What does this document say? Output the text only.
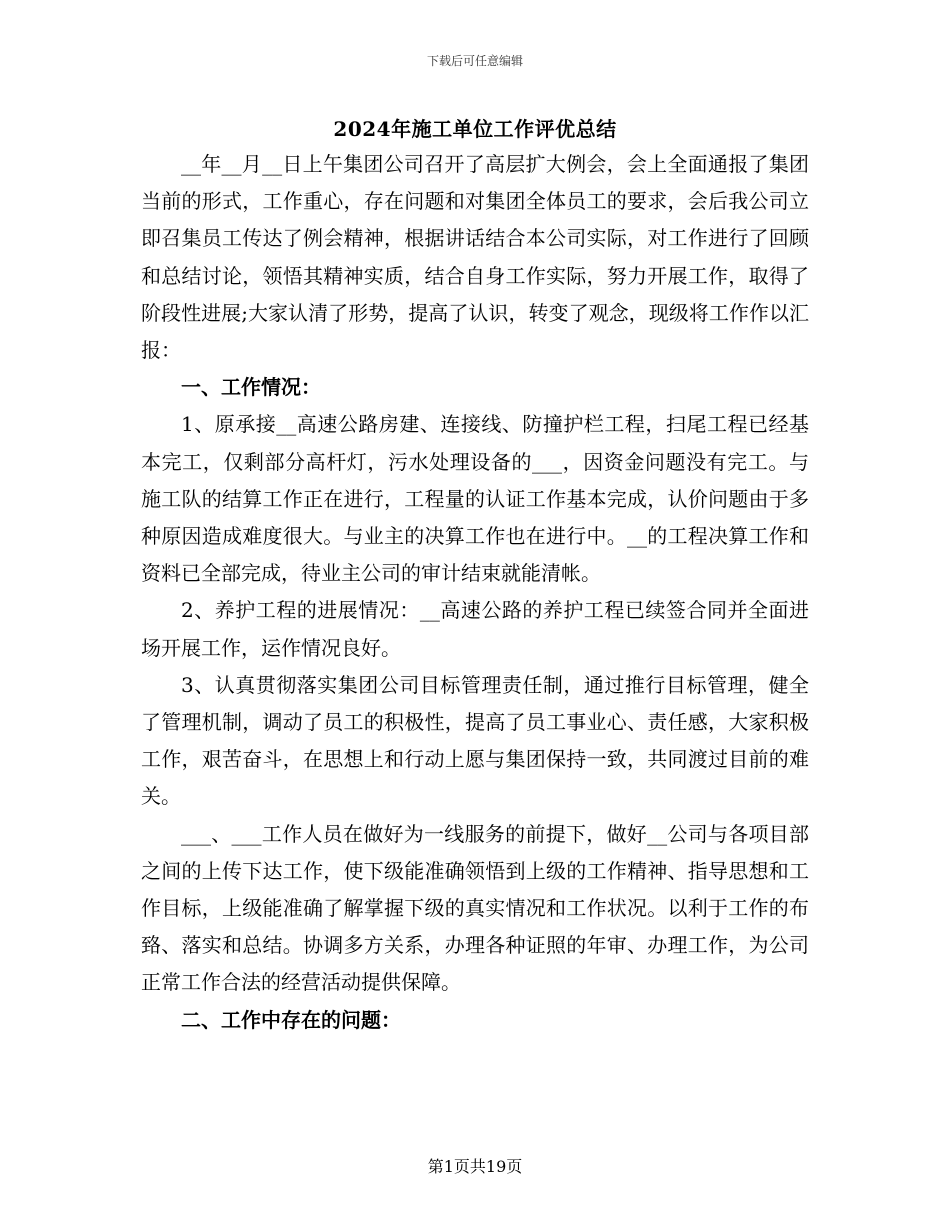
下载后可任意编辑
2024年施工单位工作评优总结

__年__月__日上午集团公司召开了高层扩大例会，会上全面通报了集团当前的形式，工作重心，存在问题和对集团全体员工的要求，会后我公司立即召集员工传达了例会精神，根据讲话结合本公司实际，对工作进行了回顾和总结讨论，领悟其精神实质，结合自身工作实际，努力开展工作，取得了阶段性进展;大家认清了形势，提高了认识，转变了观念，现级将工作作以汇报：

一、工作情况：

1、原承接__高速公路房建、连接线、防撞护栏工程，扫尾工程已经基本完工，仅剩部分高杆灯，污水处理设备的___，因资金问题没有完工。与施工队的结算工作正在进行，工程量的认证工作基本完成，认价问题由于多种原因造成难度很大。与业主的决算工作也在进行中。__的工程决算工作和资料已全部完成，待业主公司的审计结束就能清帐。

2、养护工程的进展情况：__高速公路的养护工程已续签合同并全面进场开展工作，运作情况良好。

3、认真贯彻落实集团公司目标管理责任制，通过推行目标管理，健全了管理机制，调动了员工的积极性，提高了员工事业心、责任感，大家积极工作，艰苦奋斗，在思想上和行动上愿与集团保持一致，共同渡过目前的难关。

___、___工作人员在做好为一线服务的前提下，做好__公司与各项目部之间的上传下达工作，使下级能准确领悟到上级的工作精神、指导思想和工作目标，上级能准确了解掌握下级的真实情况和工作状况。以利于工作的布臵、落实和总结。协调多方关系，办理各种证照的年审、办理工作，为公司正常工作合法的经营活动提供保障。

二、工作中存在的问题：

第1页共19页
